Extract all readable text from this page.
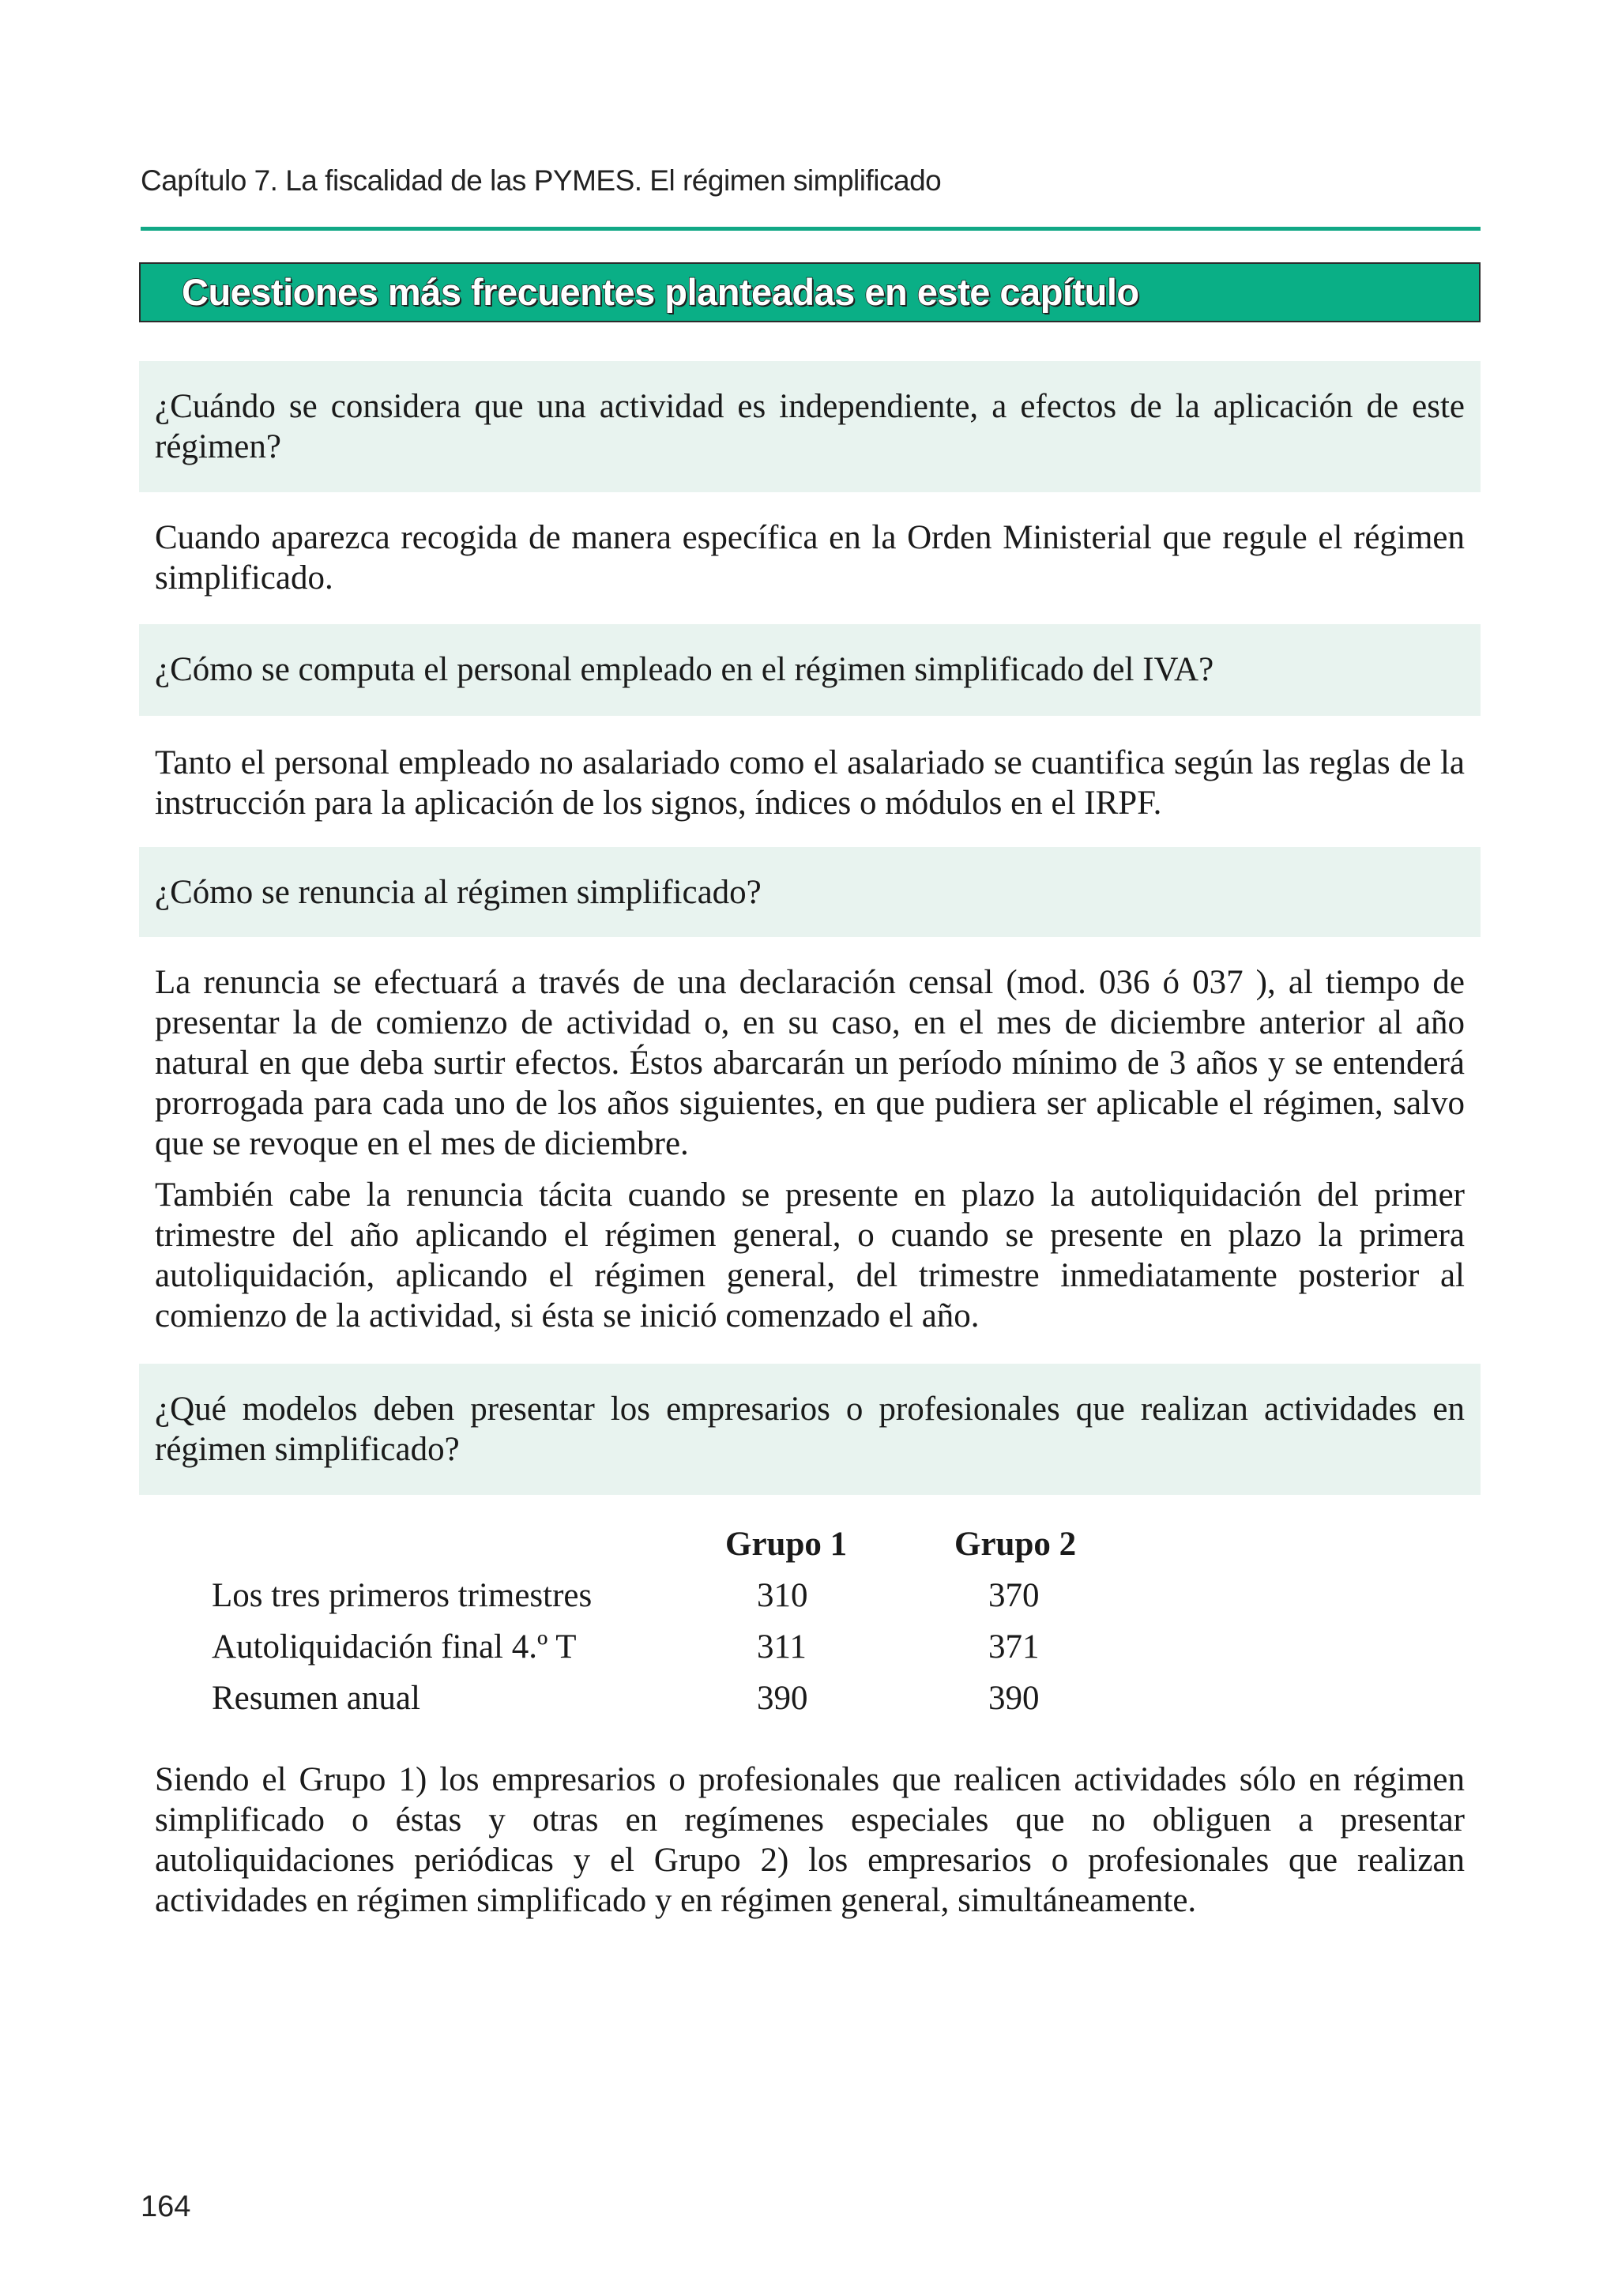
Capítulo 7. La fiscalidad de las PYMES. El régimen simplificado
Cuestiones más frecuentes planteadas en este capítulo
¿Cuándo se considera que una actividad es independiente, a efectos de la aplicación de este régimen?

Cuando aparezca recogida de manera específica en la Orden Ministerial que regule el régimen simplificado.

¿Cómo se computa el personal empleado en el régimen simplificado del IVA?

Tanto el personal empleado no asalariado como el asalariado se cuantifica según las reglas de la instrucción para la aplicación de los signos, índices o módulos en el IRPF.

¿Cómo se renuncia al régimen simplificado?

La renuncia se efectuará a través de una declaración censal (mod. 036 ó 037 ), al tiempo de presentar la de comienzo de actividad o, en su caso, en el mes de diciembre anterior al año natural en que deba surtir efectos. Éstos abarcarán un período mínimo de 3 años y se entenderá prorrogada para cada uno de los años siguientes, en que pudiera ser aplicable el régimen, salvo que se revoque en el mes de diciembre.

También cabe la renuncia tácita cuando se presente en plazo la autoliquidación del primer trimestre del año aplicando el régimen general, o cuando se presente en plazo la primera autoliquidación, aplicando el régimen general, del trimestre inmediatamente posterior al comienzo de la actividad, si ésta se inició comenzado el año.

¿Qué modelos deben presentar los empresarios o profesionales que realizan actividades en régimen simplificado?
	Grupo 1	Grupo 2
Los tres primeros trimestres	310	370
Autoliquidación final 4.º T	311	371
Resumen anual	390	390

Siendo el Grupo 1) los empresarios o profesionales que realicen actividades sólo en régimen simplificado o éstas y otras en regímenes especiales que no obliguen a presentar autoliquidaciones periódicas y el Grupo 2) los empresarios o profesionales que realizan actividades en régimen simplificado y en régimen general, simultáneamente.

164
